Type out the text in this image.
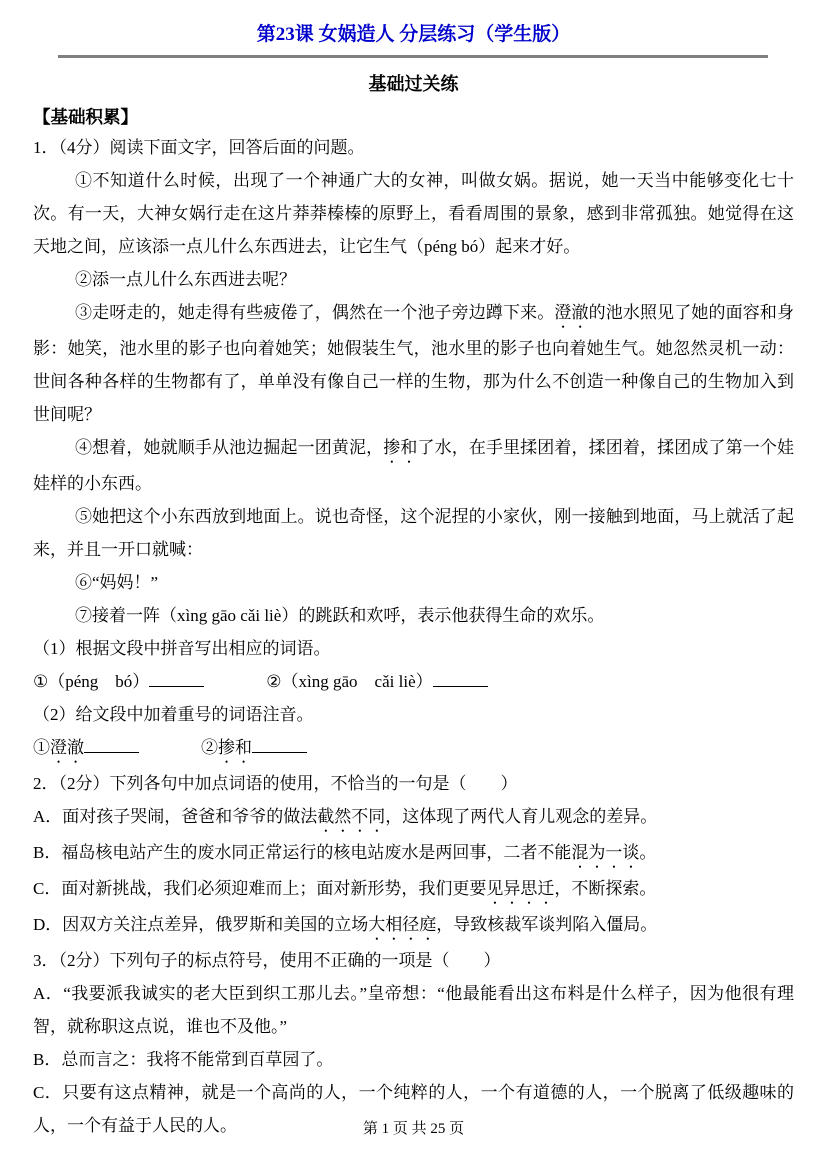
第23课 女娲造人 分层练习（学生版）
基础过关练
【基础积累】

1．（4分）阅读下面文字，回答后面的问题。

①不知道什么时候，出现了一个神通广大的女神，叫做女娲。据说，她一天当中能够变化七十次。有一天，大神女娲行走在这片莽莽榛榛的原野上，看看周围的景象，感到非常孤独。她觉得在这天地之间，应该添一点儿什么东西进去，让它生气（péng bó）起来才好。

②添一点儿什么东西进去呢？

③走呀走的，她走得有些疲倦了，偶然在一个池子旁边蹲下来。澄澈的池水照见了她的面容和身影：她笑，池水里的影子也向着她笑；她假装生气，池水里的影子也向着她生气。她忽然灵机一动：世间各种各样的生物都有了，单单没有像自己一样的生物，那为什么不创造一种像自己的生物加入到世间呢？

④想着，她就顺手从池边掘起一团黄泥，掺和了水，在手里揉团着，揉团着，揉团成了第一个娃娃样的小东西。

⑤她把这个小东西放到地面上。说也奇怪，这个泥捏的小家伙，刚一接触到地面，马上就活了起来，并且一开口就喊：

⑥“妈妈！”

⑦接着一阵（xìng gāo cǎi liè）的跳跃和欢呼，表示他获得生命的欢乐。

（1）根据文段中拼音写出相应的词语。

①（péng　bó）	②（xìng gāo　cǎi liè）

（2）给文段中加着重号的词语注音。

①澄澈	②掺和

2．（2分）下列各句中加点词语的使用，不恰当的一句是（　　）

A．面对孩子哭闹，爸爸和爷爷的做法截然不同，这体现了两代人育儿观念的差异。

B．福岛核电站产生的废水同正常运行的核电站废水是两回事，二者不能混为一谈。

C．面对新挑战，我们必须迎难而上；面对新形势，我们更要见异思迁，不断探索。

D．因双方关注点差异，俄罗斯和美国的立场大相径庭，导致核裁军谈判陷入僵局。

3．（2分）下列句子的标点符号，使用不正确的一项是（　　）

A．“我要派我诚实的老大臣到织工那儿去。”皇帝想：“他最能看出这布料是什么样子，因为他很有理智，就称职这点说，谁也不及他。”

B．总而言之：我将不能常到百草园了。

C．只要有这点精神，就是一个高尚的人，一个纯粹的人，一个有道德的人，一个脱离了低级趣味的人，一个有益于人民的人。	第 1 页 共 25 页
